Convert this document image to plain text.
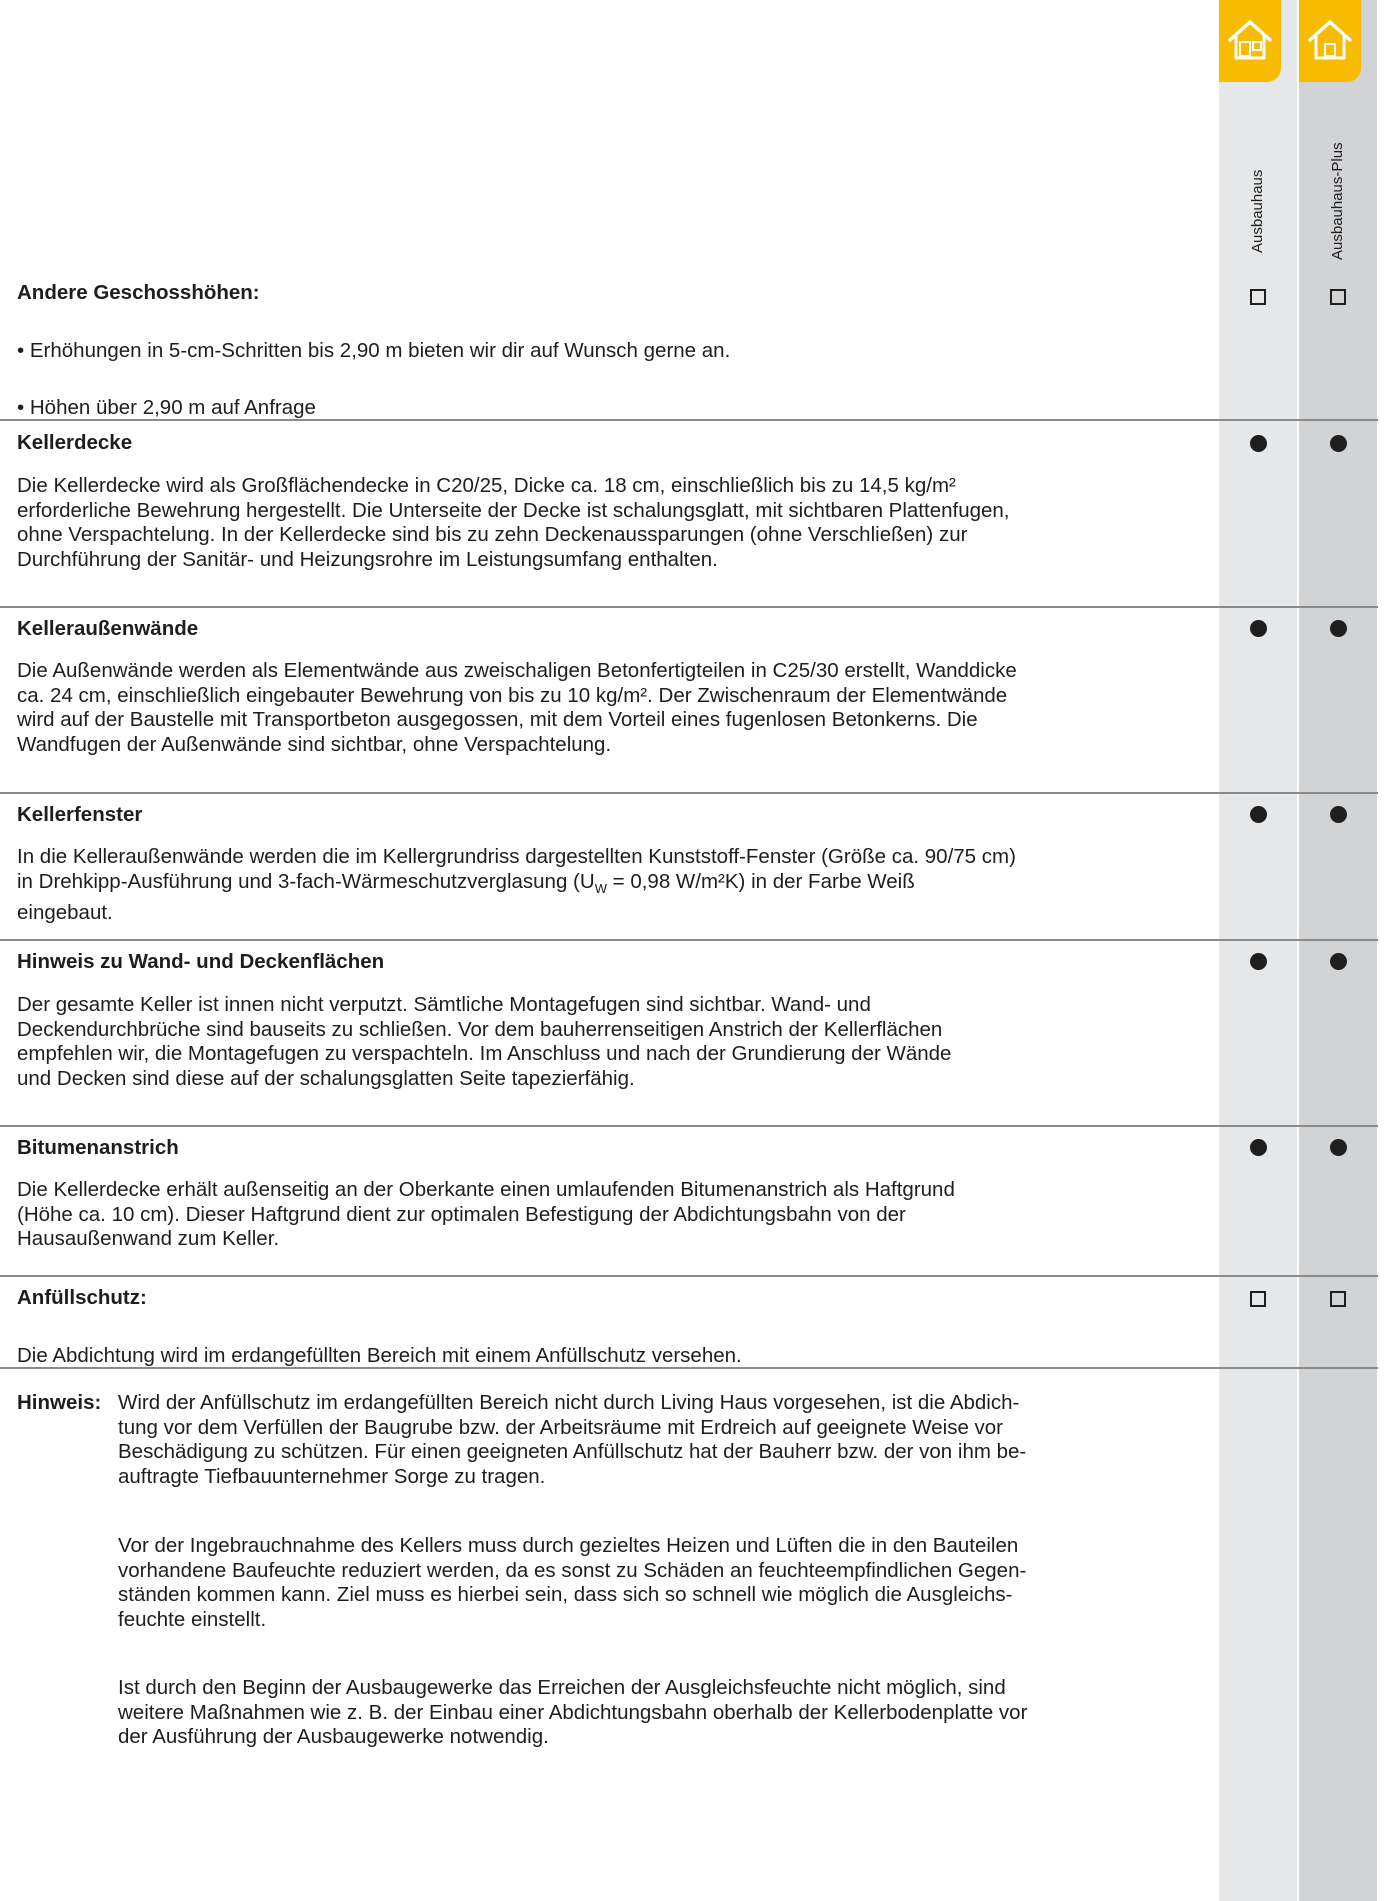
Ausbauhaus	Ausbauhaus-Plus
Andere Geschosshöhen:
• Erhöhungen in 5-cm-Schritten bis 2,90 m bieten wir dir auf Wunsch gerne an.
• Höhen über 2,90 m auf Anfrage
Kellerdecke
Die Kellerdecke wird als Großflächendecke in C20/25, Dicke ca. 18 cm, einschließlich bis zu 14,5 kg/m²
erforderliche Bewehrung hergestellt. Die Unterseite der Decke ist schalungsglatt, mit sichtbaren Plattenfugen,
ohne Verspachtelung. In der Kellerdecke sind bis zu zehn Deckenaussparungen (ohne Verschließen) zur
Durchführung der Sanitär- und Heizungsrohre im Leistungsumfang enthalten.
Kelleraußenwände
Die Außenwände werden als Elementwände aus zweischaligen Betonfertigteilen in C25/30 erstellt, Wanddicke
ca. 24 cm, einschließlich eingebauter Bewehrung von bis zu 10 kg/m². Der Zwischenraum der Elementwände
wird auf der Baustelle mit Transportbeton ausgegossen, mit dem Vorteil eines fugenlosen Betonkerns. Die
Wandfugen der Außenwände sind sichtbar, ohne Verspachtelung.
Kellerfenster
In die Kelleraußenwände werden die im Kellergrundriss dargestellten Kunststoff-Fenster (Größe ca. 90/75 cm)
in Drehkipp-Ausführung und 3-fach-Wärmeschutzverglasung ($U_W = 0,98$ W/m²K) in der Farbe Weiß
eingebaut.
Hinweis zu Wand- und Deckenflächen
Der gesamte Keller ist innen nicht verputzt. Sämtliche Montagefugen sind sichtbar. Wand- und
Deckendurchbrüche sind bauseits zu schließen. Vor dem bauherrenseitigen Anstrich der Kellerflächen
empfehlen wir, die Montagefugen zu verspachteln. Im Anschluss und nach der Grundierung der Wände
und Decken sind diese auf der schalungsglatten Seite tapezierfähig.
Bitumenanstrich
Die Kellerdecke erhält außenseitig an der Oberkante einen umlaufenden Bitumenanstrich als Haftgrund
(Höhe ca. 10 cm). Dieser Haftgrund dient zur optimalen Befestigung der Abdichtungsbahn von der
Hausaußenwand zum Keller.
Anfüllschutz:
Die Abdichtung wird im erdangefüllten Bereich mit einem Anfüllschutz versehen.
Hinweis: Wird der Anfüllschutz im erdangefüllten Bereich nicht durch Living Haus vorgesehen, ist die Abdich-
tung vor dem Verfüllen der Baugrube bzw. der Arbeitsräume mit Erdreich auf geeignete Weise vor
Beschädigung zu schützen. Für einen geeigneten Anfüllschutz hat der Bauherr bzw. der von ihm be-
auftragte Tiefbauunternehmer Sorge zu tragen.
Vor der Ingebrauchnahme des Kellers muss durch gezieltes Heizen und Lüften die in den Bauteilen
vorhandene Baufeuchte reduziert werden, da es sonst zu Schäden an feuchteempfindlichen Gegen-
ständen kommen kann. Ziel muss es hierbei sein, dass sich so schnell wie möglich die Ausgleichs-
feuchte einstellt.
Ist durch den Beginn der Ausbaugewerke das Erreichen der Ausgleichsfeuchte nicht möglich, sind
weitere Maßnahmen wie z. B. der Einbau einer Abdichtungsbahn oberhalb der Kellerbodenplatte vor
der Ausführung der Ausbaugewerke notwendig.
